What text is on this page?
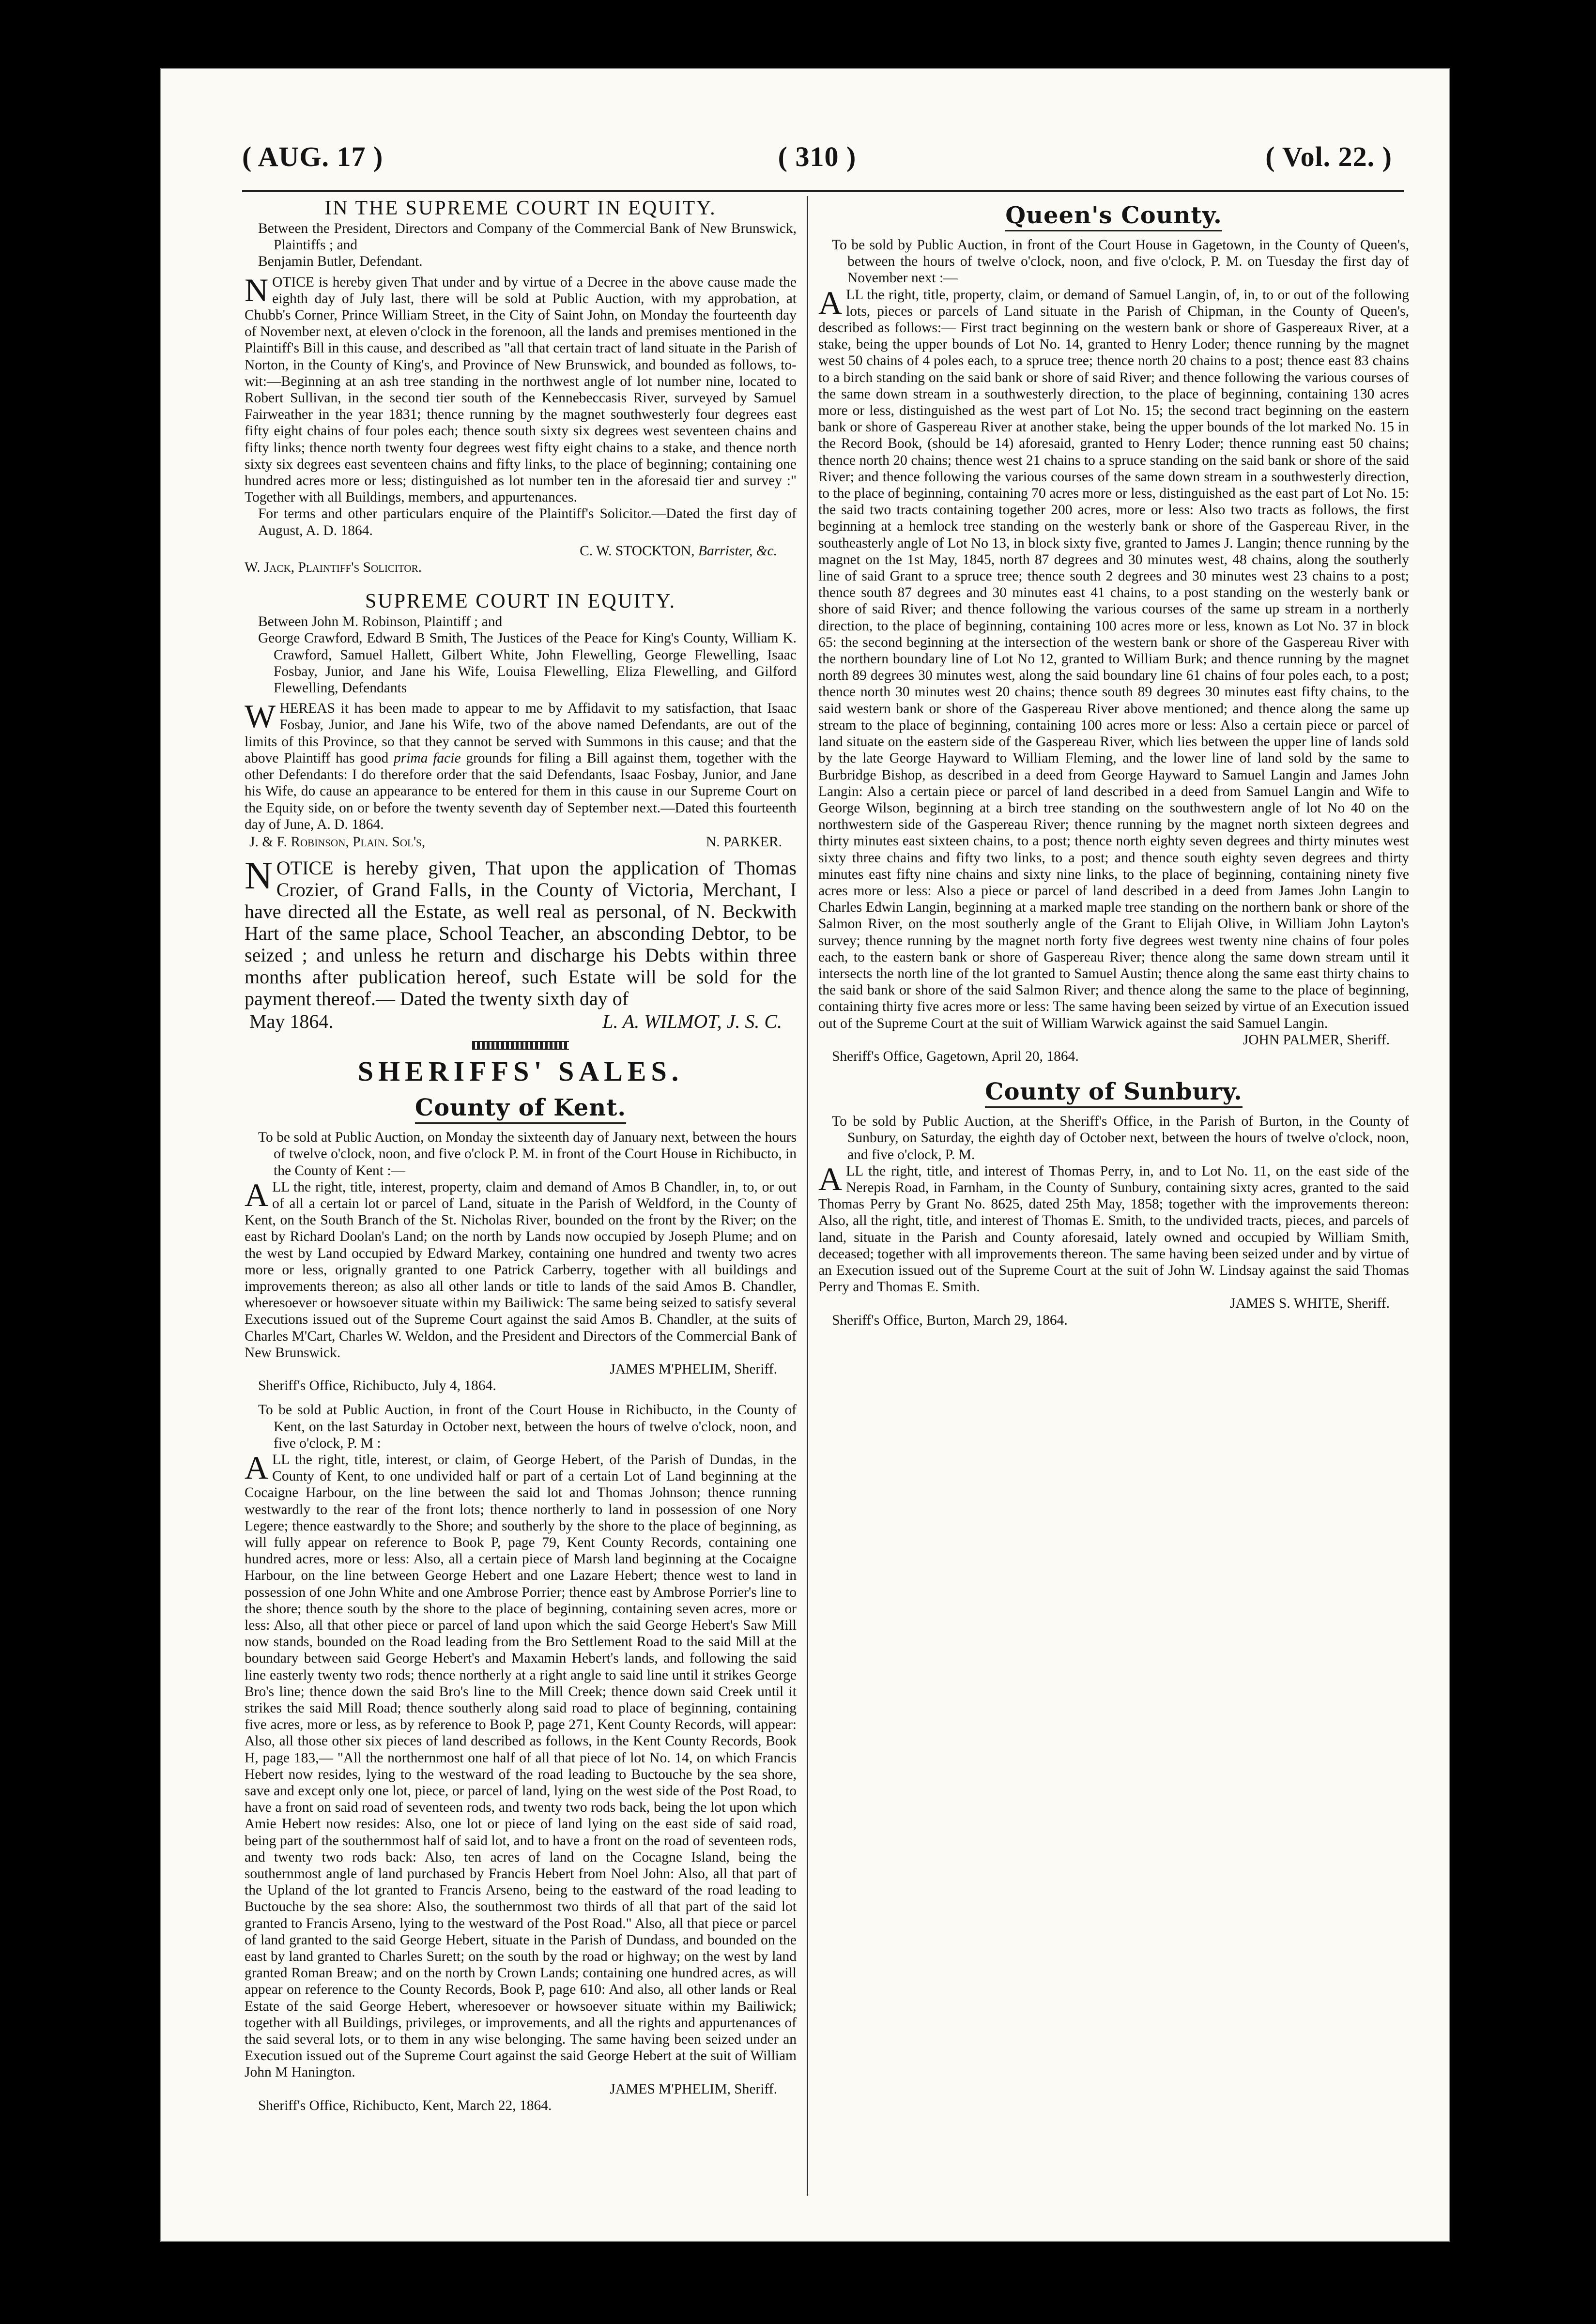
( AUG. 17 )	( 310 )	( Vol. 22. )

IN THE SUPREME COURT IN EQUITY.

Between the President, Directors and Company of the Commercial Bank of New Brunswick, Plaintiffs ; and

Benjamin Butler, Defendant.

NOTICE is hereby given That under and by virtue of a Decree in the above cause made the eighth day of July last, there will be sold at Public Auction, with my approbation, at Chubb's Corner, Prince William Street, in the City of Saint John, on Monday the fourteenth day of November next, at eleven o'clock in the forenoon, all the lands and premises mentioned in the Plaintiff's Bill in this cause, and described as "all that certain tract of land situate in the Parish of Norton, in the County of King's, and Province of New Brunswick, and bounded as follows, to-wit:—Beginning at an ash tree standing in the northwest angle of lot number nine, located to Robert Sullivan, in the second tier south of the Kennebeccasis River, surveyed by Samuel Fairweather in the year 1831; thence running by the magnet southwesterly four degrees east fifty eight chains of four poles each; thence south sixty six degrees west seventeen chains and fifty links; thence north twenty four degrees west fifty eight chains to a stake, and thence north sixty six degrees east seventeen chains and fifty links, to the place of beginning; containing one hundred acres more or less; distinguished as lot number ten in the aforesaid tier and survey :" Together with all Buildings, members, and appurtenances.

For terms and other particulars enquire of the Plaintiff's Solicitor.—Dated the first day of August, A. D. 1864.

C. W. STOCKTON, Barrister, &c.

W. Jack, Plaintiff's Solicitor.

SUPREME COURT IN EQUITY.

Between John M. Robinson, Plaintiff ; and

George Crawford, Edward B Smith, The Justices of the Peace for King's County, William K. Crawford, Samuel Hallett, Gilbert White, John Flewelling, George Flewelling, Isaac Fosbay, Junior, and Jane his Wife, Louisa Flewelling, Eliza Flewelling, and Gilford Flewelling, Defendants

WHEREAS it has been made to appear to me by Affidavit to my satisfaction, that Isaac Fosbay, Junior, and Jane his Wife, two of the above named Defendants, are out of the limits of this Province, so that they cannot be served with Summons in this cause; and that the above Plaintiff has good prima facie grounds for filing a Bill against them, together with the other Defendants: I do therefore order that the said Defendants, Isaac Fosbay, Junior, and Jane his Wife, do cause an appearance to be entered for them in this cause in our Supreme Court on the Equity side, on or before the twenty seventh day of September next.—Dated this fourteenth day of June, A. D. 1864.

J. & F. Robinson, Plain. Sol's,	N. PARKER.

NOTICE is hereby given, That upon the application of Thomas Crozier, of Grand Falls, in the County of Victoria, Merchant, I have directed all the Estate, as well real as personal, of N. Beckwith Hart of the same place, School Teacher, an absconding Debtor, to be seized ; and unless he return and discharge his Debts within three months after publication hereof, such Estate will be sold for the payment thereof.— Dated the twenty sixth day of

May 1864.	L. A. WILMOT, J. S. C.

SHERIFFS' SALES.

County of Kent.

To be sold at Public Auction, on Monday the sixteenth day of January next, between the hours of twelve o'clock, noon, and five o'clock P. M. in front of the Court House in Richibucto, in the County of Kent :—

ALL the right, title, interest, property, claim and demand of Amos B Chandler, in, to, or out of all a certain lot or parcel of Land, situate in the Parish of Weldford, in the County of Kent, on the South Branch of the St. Nicholas River, bounded on the front by the River; on the east by Richard Doolan's Land; on the north by Lands now occupied by Joseph Plume; and on the west by Land occupied by Edward Markey, containing one hundred and twenty two acres more or less, orignally granted to one Patrick Carberry, together with all buildings and improvements thereon; as also all other lands or title to lands of the said Amos B. Chandler, wheresoever or howsoever situate within my Bailiwick: The same being seized to satisfy several Executions issued out of the Supreme Court against the said Amos B. Chandler, at the suits of Charles M'Cart, Charles W. Weldon, and the President and Directors of the Commercial Bank of New Brunswick.

JAMES M'PHELIM, Sheriff.

Sheriff's Office, Richibucto, July 4, 1864.

To be sold at Public Auction, in front of the Court House in Richibucto, in the County of Kent, on the last Saturday in October next, between the hours of twelve o'clock, noon, and five o'clock, P. M :

ALL the right, title, interest, or claim, of George Hebert, of the Parish of Dundas, in the County of Kent, to one undivided half or part of a certain Lot of Land beginning at the Cocaigne Harbour, on the line between the said lot and Thomas Johnson; thence running westwardly to the rear of the front lots; thence northerly to land in possession of one Nory Legere; thence eastwardly to the Shore; and southerly by the shore to the place of beginning, as will fully appear on reference to Book P, page 79, Kent County Records, containing one hundred acres, more or less: Also, all a certain piece of Marsh land beginning at the Cocaigne Harbour, on the line between George Hebert and one Lazare Hebert; thence west to land in possession of one John White and one Ambrose Porrier; thence east by Ambrose Porrier's line to the shore; thence south by the shore to the place of beginning, containing seven acres, more or less: Also, all that other piece or parcel of land upon which the said George Hebert's Saw Mill now stands, bounded on the Road leading from the Bro Settlement Road to the said Mill at the boundary between said George Hebert's and Maxamin Hebert's lands, and following the said line easterly twenty two rods; thence northerly at a right angle to said line until it strikes George Bro's line; thence down the said Bro's line to the Mill Creek; thence down said Creek until it strikes the said Mill Road; thence southerly along said road to place of beginning, containing five acres, more or less, as by reference to Book P, page 271, Kent County Records, will appear: Also, all those other six pieces of land described as follows, in the Kent County Records, Book H, page 183,— "All the northernmost one half of all that piece of lot No. 14, on which Francis Hebert now resides, lying to the westward of the road leading to Buctouche by the sea shore, save and except only one lot, piece, or parcel of land, lying on the west side of the Post Road, to have a front on said road of seventeen rods, and twenty two rods back, being the lot upon which Amie Hebert now resides: Also, one lot or piece of land lying on the east side of said road, being part of the southernmost half of said lot, and to have a front on the road of seventeen rods, and twenty two rods back: Also, ten acres of land on the Cocagne Island, being the southernmost angle of land purchased by Francis Hebert from Noel John: Also, all that part of the Upland of the lot granted to Francis Arseno, being to the eastward of the road leading to Buctouche by the sea shore: Also, the southernmost two thirds of all that part of the said lot granted to Francis Arseno, lying to the westward of the Post Road." Also, all that piece or parcel of land granted to the said George Hebert, situate in the Parish of Dundass, and bounded on the east by land granted to Charles Surett; on the south by the road or highway; on the west by land granted Roman Breaw; and on the north by Crown Lands; containing one hundred acres, as will appear on reference to the County Records, Book P, page 610: And also, all other lands or Real Estate of the said George Hebert, wheresoever or howsoever situate within my Bailiwick; together with all Buildings, privileges, or improvements, and all the rights and appurtenances of the said several lots, or to them in any wise belonging. The same having been seized under an Execution issued out of the Supreme Court against the said George Hebert at the suit of William John M Hanington.

JAMES M'PHELIM, Sheriff.

Sheriff's Office, Richibucto, Kent, March 22, 1864.

Queen's County.

To be sold by Public Auction, in front of the Court House in Gagetown, in the County of Queen's, between the hours of twelve o'clock, noon, and five o'clock, P. M. on Tuesday the first day of November next :—

ALL the right, title, property, claim, or demand of Samuel Langin, of, in, to or out of the following lots, pieces or parcels of Land situate in the Parish of Chipman, in the County of Queen's, described as follows:— First tract beginning on the western bank or shore of Gaspereaux River, at a stake, being the upper bounds of Lot No. 14, granted to Henry Loder; thence running by the magnet west 50 chains of 4 poles each, to a spruce tree; thence north 20 chains to a post; thence east 83 chains to a birch standing on the said bank or shore of said River; and thence following the various courses of the same down stream in a southwesterly direction, to the place of beginning, containing 130 acres more or less, distinguished as the west part of Lot No. 15; the second tract beginning on the eastern bank or shore of Gaspereau River at another stake, being the upper bounds of the lot marked No. 15 in the Record Book, (should be 14) aforesaid, granted to Henry Loder; thence running east 50 chains; thence north 20 chains; thence west 21 chains to a spruce standing on the said bank or shore of the said River; and thence following the various courses of the same down stream in a southwesterly direction, to the place of beginning, containing 70 acres more or less, distinguished as the east part of Lot No. 15: the said two tracts containing together 200 acres, more or less: Also two tracts as follows, the first beginning at a hemlock tree standing on the westerly bank or shore of the Gaspereau River, in the southeasterly angle of Lot No 13, in block sixty five, granted to James J. Langin; thence running by the magnet on the 1st May, 1845, north 87 degrees and 30 minutes west, 48 chains, along the southerly line of said Grant to a spruce tree; thence south 2 degrees and 30 minutes west 23 chains to a post; thence south 87 degrees and 30 minutes east 41 chains, to a post standing on the westerly bank or shore of said River; and thence following the various courses of the same up stream in a northerly direction, to the place of beginning, containing 100 acres more or less, known as Lot No. 37 in block 65: the second beginning at the intersection of the western bank or shore of the Gaspereau River with the northern boundary line of Lot No 12, granted to William Burk; and thence running by the magnet north 89 degrees 30 minutes west, along the said boundary line 61 chains of four poles each, to a post; thence north 30 minutes west 20 chains; thence south 89 degrees 30 minutes east fifty chains, to the said western bank or shore of the Gaspereau River above mentioned; and thence along the same up stream to the place of beginning, containing 100 acres more or less: Also a certain piece or parcel of land situate on the eastern side of the Gaspereau River, which lies between the upper line of lands sold by the late George Hayward to William Fleming, and the lower line of land sold by the same to Burbridge Bishop, as described in a deed from George Hayward to Samuel Langin and James John Langin: Also a certain piece or parcel of land described in a deed from Samuel Langin and Wife to George Wilson, beginning at a birch tree standing on the southwestern angle of lot No 40 on the northwestern side of the Gaspereau River; thence running by the magnet north sixteen degrees and thirty minutes east sixteen chains, to a post; thence north eighty seven degrees and thirty minutes west sixty three chains and fifty two links, to a post; and thence south eighty seven degrees and thirty minutes east fifty nine chains and sixty nine links, to the place of beginning, containing ninety five acres more or less: Also a piece or parcel of land described in a deed from James John Langin to Charles Edwin Langin, beginning at a marked maple tree standing on the northern bank or shore of the Salmon River, on the most southerly angle of the Grant to Elijah Olive, in William John Layton's survey; thence running by the magnet north forty five degrees west twenty nine chains of four poles each, to the eastern bank or shore of Gaspereau River; thence along the same down stream until it intersects the north line of the lot granted to Samuel Austin; thence along the same east thirty chains to the said bank or shore of the said Salmon River; and thence along the same to the place of beginning, containing thirty five acres more or less: The same having been seized by virtue of an Execution issued out of the Supreme Court at the suit of William Warwick against the said Samuel Langin.

JOHN PALMER, Sheriff.

Sheriff's Office, Gagetown, April 20, 1864.

County of Sunbury.

To be sold by Public Auction, at the Sheriff's Office, in the Parish of Burton, in the County of Sunbury, on Saturday, the eighth day of October next, between the hours of twelve o'clock, noon, and five o'clock, P. M.

ALL the right, title, and interest of Thomas Perry, in, and to Lot No. 11, on the east side of the Nerepis Road, in Farnham, in the County of Sunbury, containing sixty acres, granted to the said Thomas Perry by Grant No. 8625, dated 25th May, 1858; together with the improvements thereon: Also, all the right, title, and interest of Thomas E. Smith, to the undivided tracts, pieces, and parcels of land, situate in the Parish and County aforesaid, lately owned and occupied by William Smith, deceased; together with all improvements thereon. The same having been seized under and by virtue of an Execution issued out of the Supreme Court at the suit of John W. Lindsay against the said Thomas Perry and Thomas E. Smith.

JAMES S. WHITE, Sheriff.

Sheriff's Office, Burton, March 29, 1864.
